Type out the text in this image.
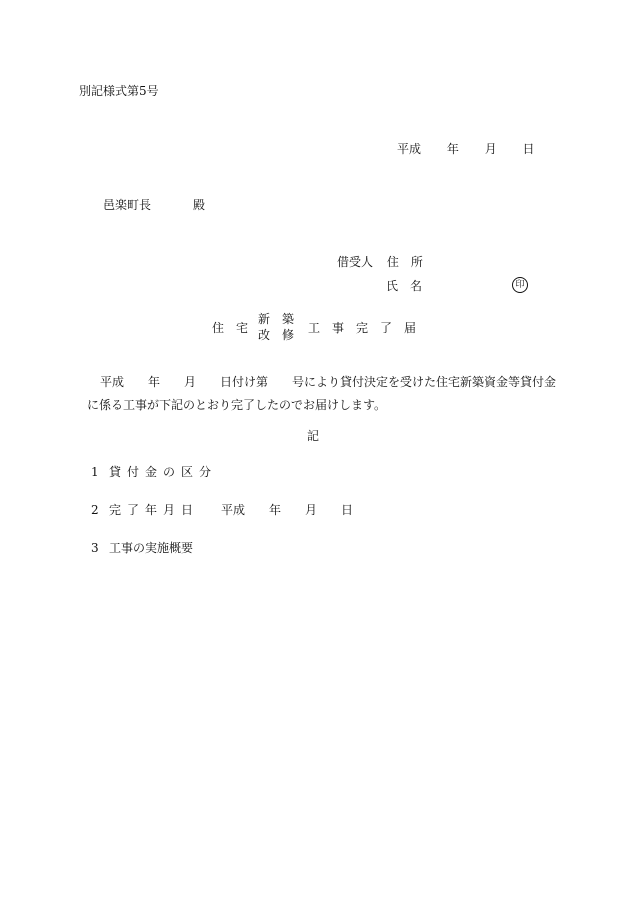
別記様式第5号
平成 年 月 日
邑楽町長	殿
借受人 住　所
氏　名	印
住　宅
新　築
改　修 工　事　完　了　届
平成　　年　　月　　日付け第　　号により貸付決定を受けた住宅新築資金等貸付金
に係る工事が下記のとおり完了したのでお届けします。
記
1 貸付金の区分
2 完了年月日 平成　　年　　月　　日
3 工事の実施概要
